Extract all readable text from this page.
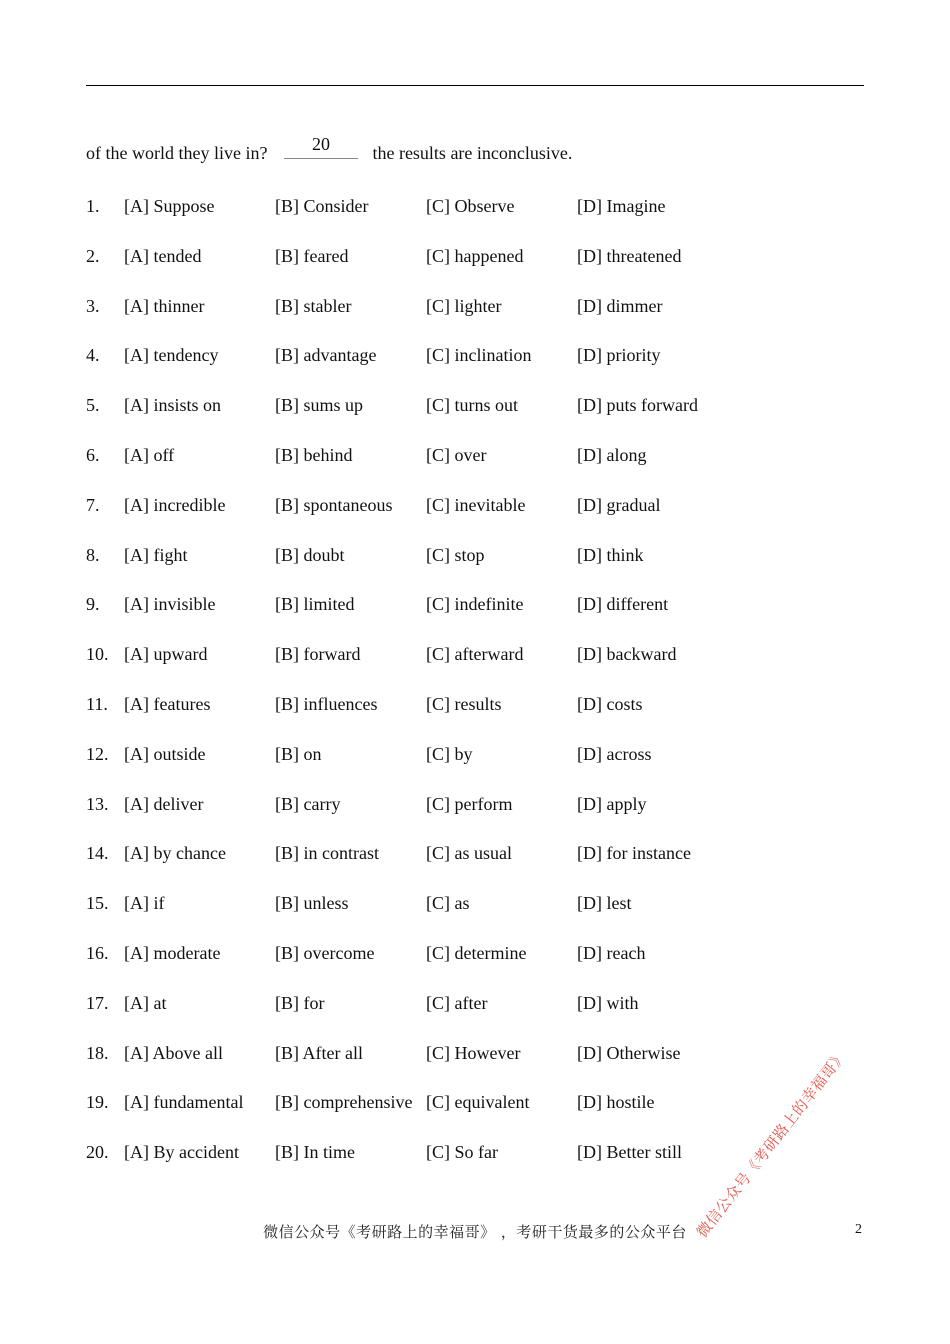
of the world they live in?	20	the results are inconclusive.
1. [A] Suppose	[B] Consider	[C] Observe	[D] Imagine
2. [A] tended	[B] feared	[C] happened	[D] threatened
3. [A] thinner	[B] stabler	[C] lighter	[D] dimmer
4. [A] tendency	[B] advantage	[C] inclination	[D] priority
5. [A] insists on	[B] sums up	[C] turns out	[D] puts forward
6. [A] off	[B] behind	[C] over	[D] along
7. [A] incredible	[B] spontaneous [C] inevitable	[D] gradual
8. [A] fight	[B] doubt	[C] stop	[D] think
9. [A] invisible	[B] limited	[C] indefinite	[D] different
10. [A] upward	[B] forward	[C] afterward	[D] backward
11. [A] features	[B] influences	[C] results	[D] costs
12. [A] outside	[B] on	[C] by	[D] across
13. [A] deliver	[B] carry	[C] perform	[D] apply
14. [A] by chance	[B] in contrast	[C] as usual	[D] for instance
15. [A] if	[B] unless	[C] as	[D] lest
16. [A] moderate	[B] overcome	[C] determine	[D] reach
17. [A] at	[B] for	[C] after	[D] with
18. [A] Above all	[B] After all	[C] However	[D] Otherwise
19. [A] fundamental [B] comprehensive [C] equivalent	[D] hostile
20. [A] By accident [B] In time	[C] So far	[D] Better still
微信公众号《考研路上的幸福哥》 ，考研干货最多的公众平台	2
微信公众号《考研路上的幸福哥》
